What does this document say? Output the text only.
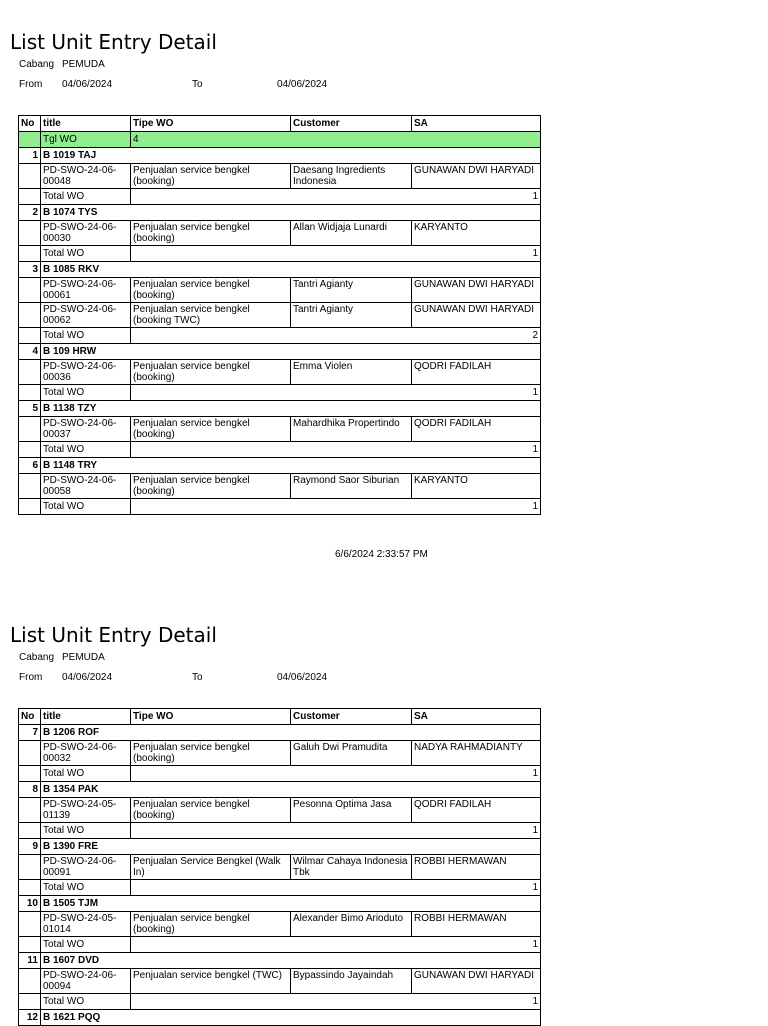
List Unit Entry Detail
Cabang PEMUDA
From 04/06/2024	To	04/06/2024
No	title	Tipe WO	Customer	SA
	Tgl WO	4		
1	B 1019 TAJ			
	PD-SWO-24-06-00048	Penjualan service bengkel (booking)	Daesang Ingredients Indonesia	GUNAWAN DWI HARYADI
	Total WO	1		
2	B 1074 TYS			
	PD-SWO-24-06-00030	Penjualan service bengkel (booking)	Allan Widjaja Lunardi	KARYANTO
	Total WO	1		
3	B 1085 RKV			
	PD-SWO-24-06-00061	Penjualan service bengkel (booking)	Tantri Agianty	GUNAWAN DWI HARYADI
	PD-SWO-24-06-00062	Penjualan service bengkel (booking TWC)	Tantri Agianty	GUNAWAN DWI HARYADI
	Total WO	2		
4	B 109 HRW			
	PD-SWO-24-06-00036	Penjualan service bengkel (booking)	Emma Violen	QODRI FADILAH
	Total WO	1		
5	B 1138 TZY			
	PD-SWO-24-06-00037	Penjualan service bengkel (booking)	Mahardhika Propertindo	QODRI FADILAH
	Total WO	1		
6	B 1148 TRY			
	PD-SWO-24-06-00058	Penjualan service bengkel (booking)	Raymond Saor Siburian	KARYANTO
	Total WO	1		
6/6/2024 2:33:57 PM
List Unit Entry Detail
Cabang PEMUDA
From 04/06/2024	To	04/06/2024
No	title	Tipe WO	Customer	SA
7	B 1206 ROF			
	PD-SWO-24-06-00032	Penjualan service bengkel (booking)	Galuh Dwi Pramudita	NADYA RAHMADIANTY
	Total WO	1		
8	B 1354 PAK			
	PD-SWO-24-05-01139	Penjualan service bengkel (booking)	Pesonna Optima Jasa	QODRI FADILAH
	Total WO	1		
9	B 1390 FRE			
	PD-SWO-24-06-00091	Penjualan Service Bengkel (Walk In)	Wilmar Cahaya Indonesia Tbk	ROBBI HERMAWAN
	Total WO	1		
10	B 1505 TJM			
	PD-SWO-24-05-01014	Penjualan service bengkel (booking)	Alexander Bimo Arioduto	ROBBI HERMAWAN
	Total WO	1		
11	B 1607 DVD			
	PD-SWO-24-06-00094	Penjualan service bengkel (TWC)	Bypassindo Jayaindah	GUNAWAN DWI HARYADI
	Total WO	1		
12	B 1621 PQQ			
